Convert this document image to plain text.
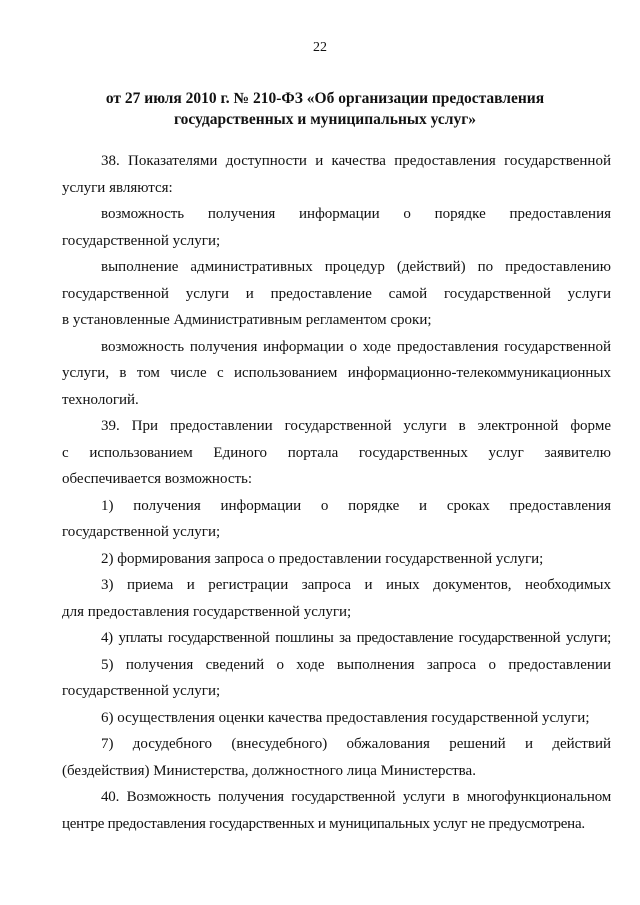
22
от 27 июля 2010 г. № 210-ФЗ «Об организации предоставления
государственных и муниципальных услуг»

38. Показателями доступности и качества предоставления государственной

услуги являются:

возможность получения информации о порядке предоставления

государственной услуги;

выполнение административных процедур (действий) по предоставлению

государственной услуги и предоставление самой государственной услуги

в установленные Административным регламентом сроки;

возможность получения информации о ходе предоставления государственной

услуги, в том числе с использованием информационно-телекоммуникационных

технологий.

39. При предоставлении государственной услуги в электронной форме

с использованием Единого портала государственных услуг заявителю

обеспечивается возможность:

1) получения информации о порядке и сроках предоставления

государственной услуги;

2) формирования запроса о предоставлении государственной услуги;

3) приема и регистрации запроса и иных документов, необходимых

для предоставления государственной услуги;

4) уплаты государственной пошлины за предоставление государственной услуги;

5) получения сведений о ходе выполнения запроса о предоставлении

государственной услуги;

6) осуществления оценки качества предоставления государственной услуги;

7) досудебного (внесудебного) обжалования решений и действий

(бездействия) Министерства, должностного лица Министерства.

40. Возможность получения государственной услуги в многофункциональном

центре предоставления государственных и муниципальных услуг не предусмотрена.
